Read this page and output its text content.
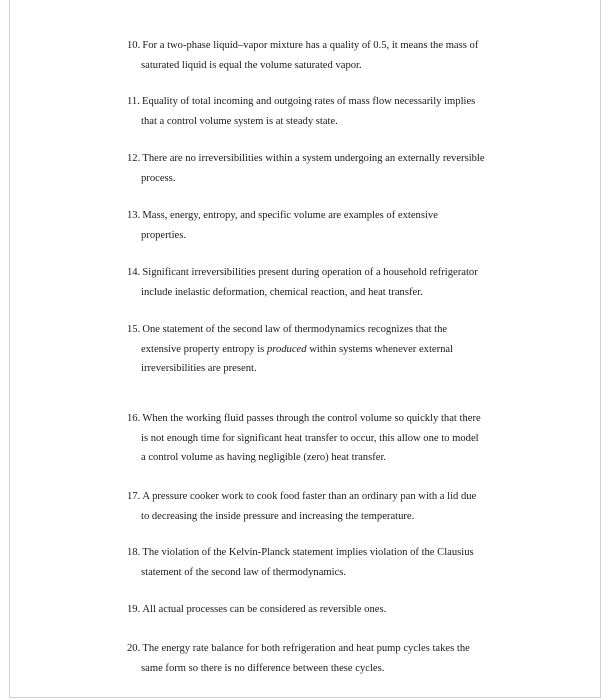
10. For a two-phase liquid–vapor mixture has a quality of 0.5, it means the mass of
saturated liquid is equal the volume saturated vapor.
11. Equality of total incoming and outgoing rates of mass flow necessarily implies
that a control volume system is at steady state.
12. There are no irreversibilities within a system undergoing an externally reversible
process.
13. Mass, energy, entropy, and specific volume are examples of extensive
properties.
14. Significant irreversibilities present during operation of a household refrigerator
include inelastic deformation, chemical reaction, and heat transfer.
15. One statement of the second law of thermodynamics recognizes that the
extensive property entropy is produced within systems whenever external
irreversibilities are present.
16. When the working fluid passes through the control volume so quickly that there
is not enough time for significant heat transfer to occur, this allow one to model
a control volume as having negligible (zero) heat transfer.
17. A pressure cooker work to cook food faster than an ordinary pan with a lid due
to decreasing the inside pressure and increasing the temperature.
18. The violation of the Kelvin-Planck statement implies violation of the Clausius
statement of the second law of thermodynamics.
19. All actual processes can be considered as reversible ones.
20. The energy rate balance for both refrigeration and heat pump cycles takes the
same form so there is no difference between these cycles.
